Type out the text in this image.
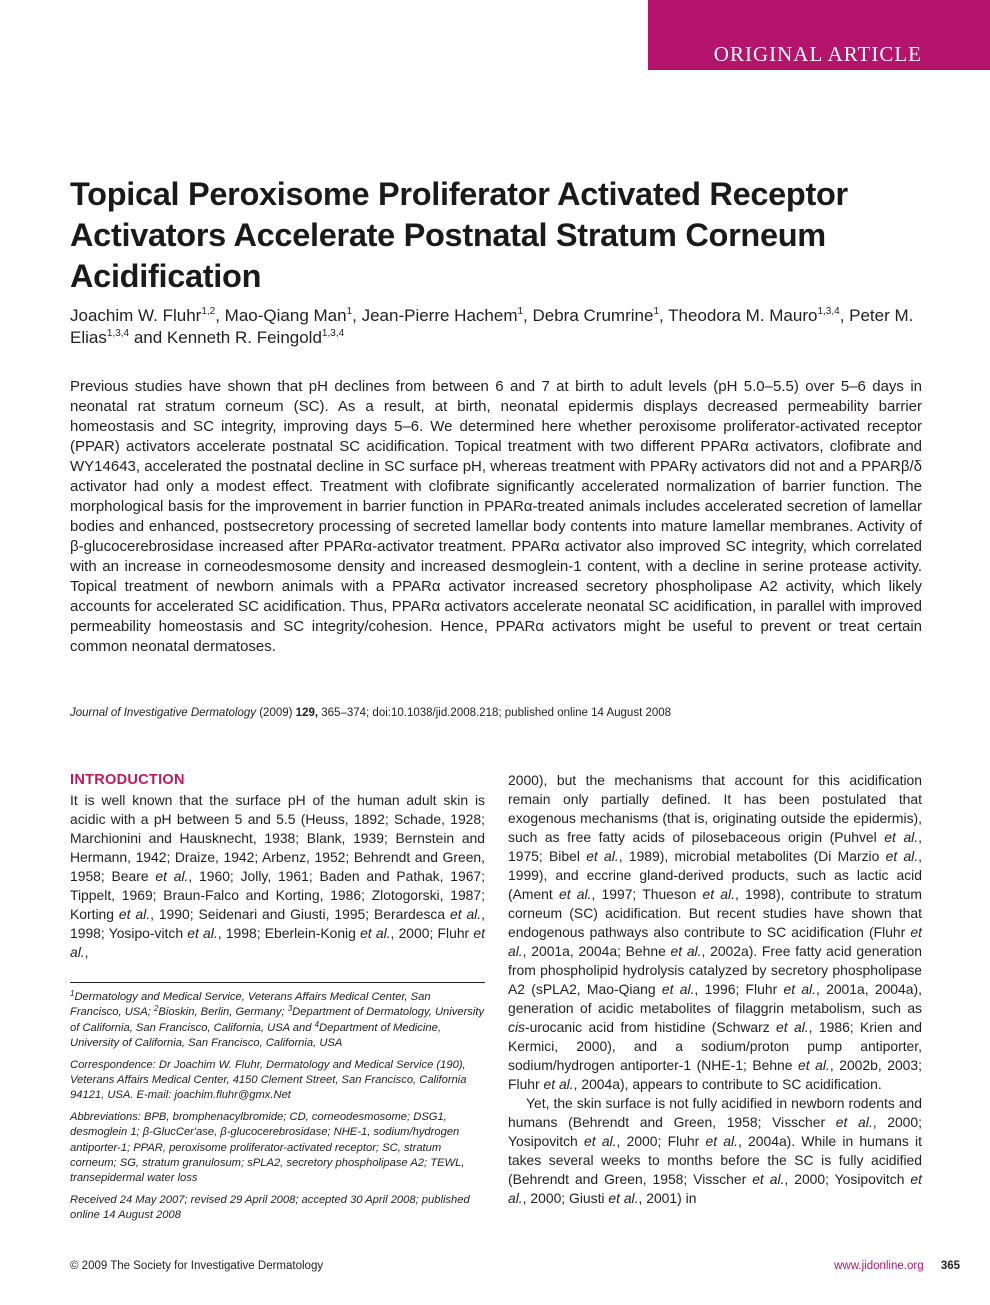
ORIGINAL ARTICLE
Topical Peroxisome Proliferator Activated Receptor Activators Accelerate Postnatal Stratum Corneum Acidification
Joachim W. Fluhr$^{1,2}$, Mao-Qiang Man$^1$, Jean-Pierre Hachem$^1$, Debra Crumrine$^1$, Theodora M. Mauro$^{1,3,4}$, Peter M. Elias$^{1,3,4}$ and Kenneth R. Feingold$^{1,3,4}$

Previous studies have shown that pH declines from between 6 and 7 at birth to adult levels (pH 5.0–5.5) over 5–6 days in neonatal rat stratum corneum (SC). As a result, at birth, neonatal epidermis displays decreased permeability barrier homeostasis and SC integrity, improving days 5–6. We determined here whether peroxisome proliferator-activated receptor (PPAR) activators accelerate postnatal SC acidification. Topical treatment with two different PPARα activators, clofibrate and WY14643, accelerated the postnatal decline in SC surface pH, whereas treatment with PPARγ activators did not and a PPARβ/δ activator had only a modest effect. Treatment with clofibrate significantly accelerated normalization of barrier function. The morphological basis for the improvement in barrier function in PPARα-treated animals includes accelerated secretion of lamellar bodies and enhanced, postsecretory processing of secreted lamellar body contents into mature lamellar membranes. Activity of β-glucocerebrosidase increased after PPARα-activator treatment. PPARα activator also improved SC integrity, which correlated with an increase in corneodesmosome density and increased desmoglein-1 content, with a decline in serine protease activity. Topical treatment of newborn animals with a PPARα activator increased secretory phospholipase A2 activity, which likely accounts for accelerated SC acidification. Thus, PPARα activators accelerate neonatal SC acidification, in parallel with improved permeability homeostasis and SC integrity/cohesion. Hence, PPARα activators might be useful to prevent or treat certain common neonatal dermatoses.

Journal of Investigative Dermatology (2009) 129, 365–374; doi:10.1038/jid.2008.218; published online 14 August 2008

INTRODUCTION

It is well known that the surface pH of the human adult skin is acidic with a pH between 5 and 5.5 (Heuss, 1892; Schade, 1928; Marchionini and Hausknecht, 1938; Blank, 1939; Bernstein and Hermann, 1942; Draize, 1942; Arbenz, 1952; Behrendt and Green, 1958; Beare et al., 1960; Jolly, 1961; Baden and Pathak, 1967; Tippelt, 1969; Braun-Falco and Korting, 1986; Zlotogorski, 1987; Korting et al., 1990; Seidenari and Giusti, 1995; Berardesca et al., 1998; Yosipo-vitch et al., 1998; Eberlein-Konig et al., 2000; Fluhr et al.,

$^1$Dermatology and Medical Service, Veterans Affairs Medical Center, San Francisco, USA; $^2$Bioskin, Berlin, Germany; $^3$Department of Dermatology, University of California, San Francisco, California, USA and $^4$Department of Medicine, University of California, San Francisco, California, USA

Correspondence: Dr Joachim W. Fluhr, Dermatology and Medical Service (190), Veterans Affairs Medical Center, 4150 Clement Street, San Francisco, California 94121, USA. E-mail: joachim.fluhr@gmx.Net

Abbreviations: BPB, bromphenacylbromide; CD, corneodesmosome; DSG1, desmoglein 1; β-GlucCer'ase, β-glucocerebrosidase; NHE-1, sodium/hydrogen antiporter-1; PPAR, peroxisome proliferator-activated receptor; SC, stratum corneum; SG, stratum granulosum; sPLA2, secretory phospholipase A2; TEWL, transepidermal water loss

Received 24 May 2007; revised 29 April 2008; accepted 30 April 2008; published online 14 August 2008

2000), but the mechanisms that account for this acidification remain only partially defined. It has been postulated that exogenous mechanisms (that is, originating outside the epidermis), such as free fatty acids of pilosebaceous origin (Puhvel et al., 1975; Bibel et al., 1989), microbial metabolites (Di Marzio et al., 1999), and eccrine gland-derived products, such as lactic acid (Ament et al., 1997; Thueson et al., 1998), contribute to stratum corneum (SC) acidification. But recent studies have shown that endogenous pathways also contribute to SC acidification (Fluhr et al., 2001a, 2004a; Behne et al., 2002a). Free fatty acid generation from phospholipid hydrolysis catalyzed by secretory phospholipase A2 (sPLA2, Mao-Qiang et al., 1996; Fluhr et al., 2001a, 2004a), generation of acidic metabolites of filaggrin metabolism, such as cis-urocanic acid from histidine (Schwarz et al., 1986; Krien and Kermici, 2000), and a sodium/proton pump antiporter, sodium/hydrogen antiporter-1 (NHE-1; Behne et al., 2002b, 2003; Fluhr et al., 2004a), appears to contribute to SC acidification.

Yet, the skin surface is not fully acidified in newborn rodents and humans (Behrendt and Green, 1958; Visscher et al., 2000; Yosipovitch et al., 2000; Fluhr et al., 2004a). While in humans it takes several weeks to months before the SC is fully acidified (Behrendt and Green, 1958; Visscher et al., 2000; Yosipovitch et al., 2000; Giusti et al., 2001) in

© 2009 The Society for Investigative Dermatology	www.jidonline.org 365
